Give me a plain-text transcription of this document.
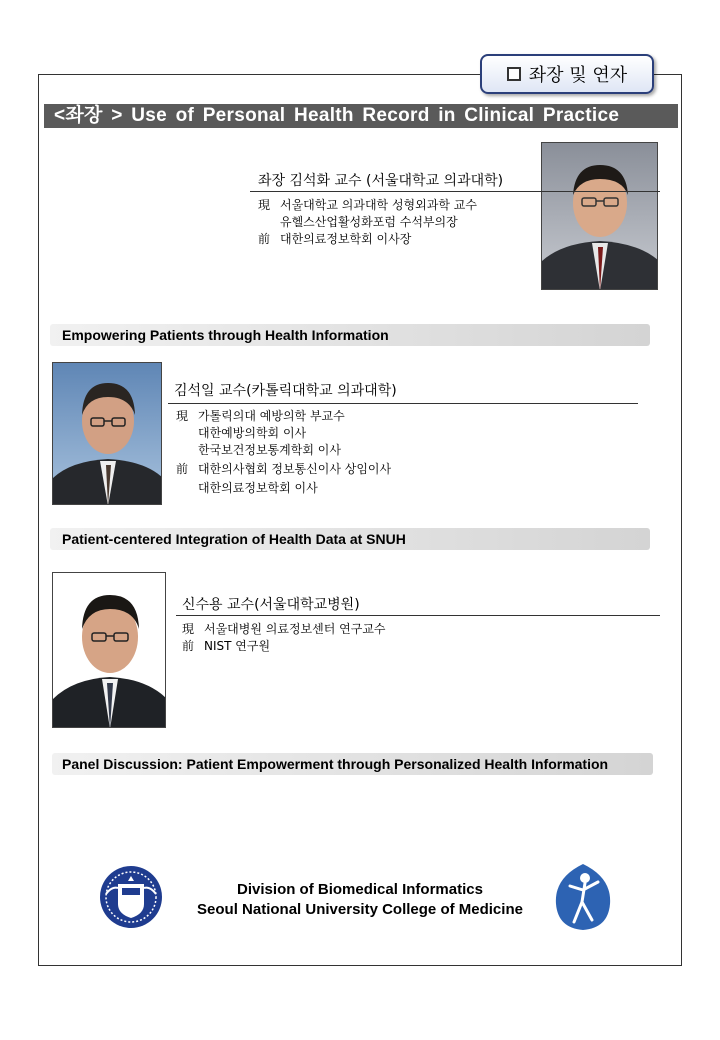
좌장 및 연자
<좌장 > Use of Personal Health Record in Clinical Practice
좌장 김석화 교수 (서울대학교 의과대학)
現 서울대학교 의과대학 성형외과학 교수
유헬스산업활성화포럼 수석부의장
前 대한의료정보학회 이사장
Empowering Patients through Health Information
김석일 교수(카톨릭대학교 의과대학)
現 가톨릭의대 예방의학 부교수
대한예방의학회 이사
한국보건정보통계학회 이사
前 대한의사협회 정보통신이사 상임이사
대한의료정보학회 이사
Patient-centered Integration of Health Data at SNUH
신수용 교수(서울대학교병원)
現 서울대병원 의료정보센터 연구교수
前 NIST 연구원
Panel Discussion: Patient Empowerment through Personalized Health Information
Division of Biomedical Informatics
Seoul National University College of Medicine
